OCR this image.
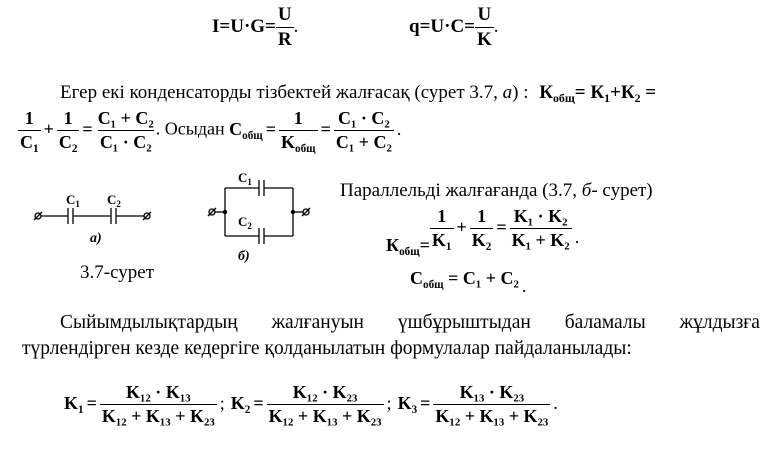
$I=U\cdot G= \frac{U}{R}$ .	$q=U\cdot C= \frac{U}{K}$ .
Егер екі конденсаторды тізбектей жалғасақ (сурет 3.7, а) : $К_{общ}= К_1+К_2$ =
$\frac{1}{C_1} + \frac{1}{C_2} = \frac{\text{C₁ + C₂}}{\text{C₁ · C₂}}$ . Осыдан $C_{общ} = \frac{1}{K_{общ}} = \frac{\text{C₁ · C₂}}{\text{C₁ + C₂}}$ .
$C_1$ $C_2$
а)
$C_1$
$C_2$
б)
3.7-сурет
Параллельді жалғағанда (3.7, б- сурет)
$К_{общ}= \frac{1}{K_1} + \frac{1}{K_2} = \frac{\text{K₁ · K₂}}{\text{K₁ + K₂}}$ .
$C_{общ} = C_1 + C_2$ .
Сыйымдылықтардың жалғануын үшбұрыштыдан баламалы жұлдызға
түрлендірген кезде кедергіге қолданылатын формулалар пайдаланылады:
$K_1 = \frac{\text{K₁₂ · K₁₃}}{\text{K₁₂ + K₁₃ + K₂₃}}$ ; $K_2 = \frac{\text{K₁₂ · K₂₃}}{\text{K₁₂ + K₁₃ + K₂₃}}$ ; $K_3 = \frac{\text{K₁₃ · K₂₃}}{\text{K₁₂ + K₁₃ + K₂₃}}$ .
